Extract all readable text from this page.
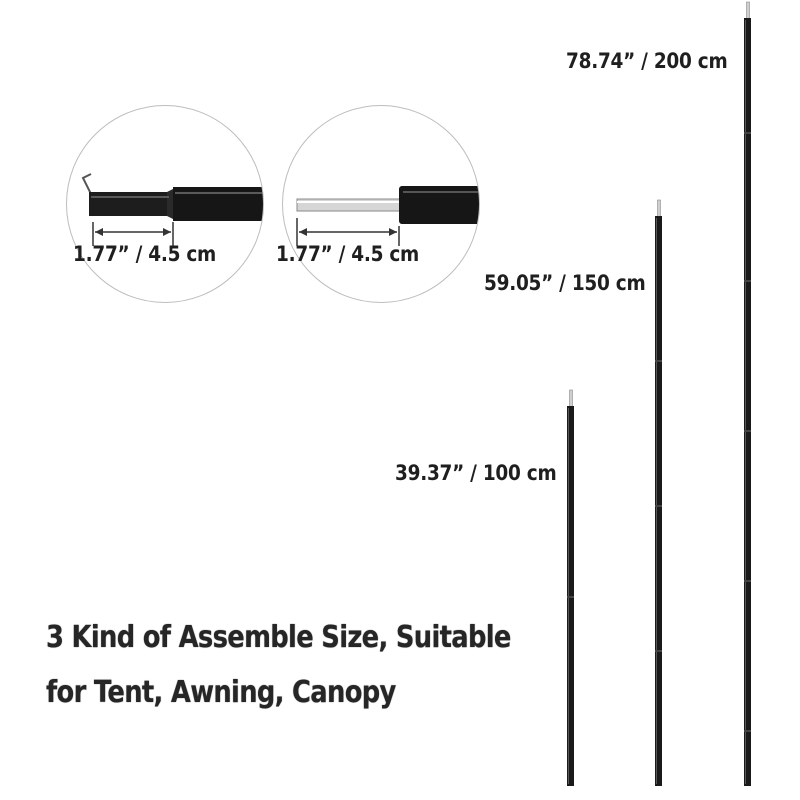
1.77” / 4.5 cm	1.77” / 4.5 cm
39.37” / 100 cm
59.05” / 150 cm
78.74” / 200 cm
3 Kind of Assemble Size, Suitable
for Tent, Awning, Canopy
